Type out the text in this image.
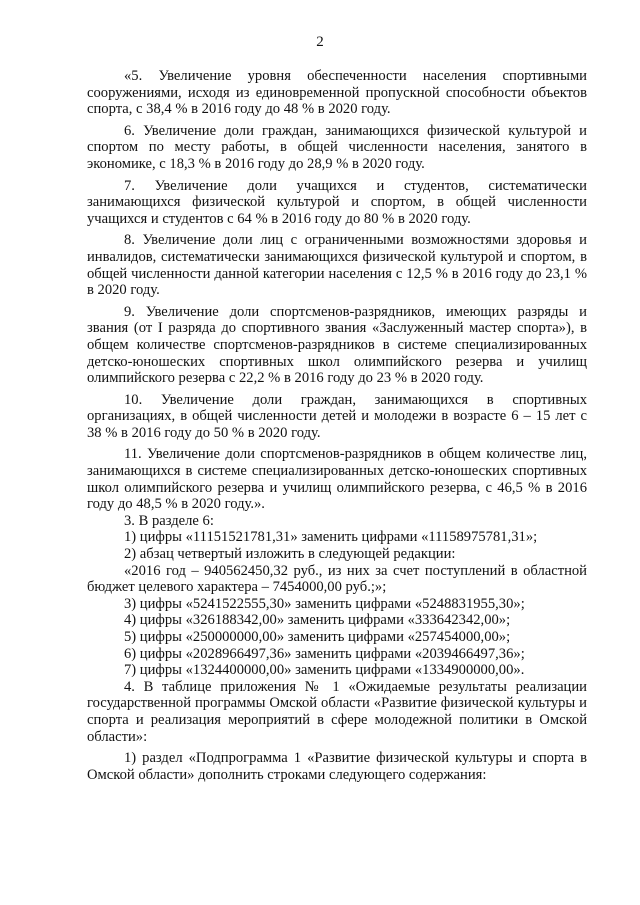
2

«5. Увеличение уровня обеспеченности населения спортивными сооружениями, исходя из единовременной пропускной способности объектов спорта, с 38,4 % в 2016 году до 48 % в 2020 году.

6. Увеличение доли граждан, занимающихся физической культурой и спортом по месту работы, в общей численности населения, занятого в экономике, с 18,3 % в 2016 году до 28,9 % в 2020 году.

7. Увеличение доли учащихся и студентов, систематически занимающихся физической культурой и спортом, в общей численности учащихся и студентов с 64 % в 2016 году до 80 % в 2020 году.

8. Увеличение доли лиц с ограниченными возможностями здоровья и инвалидов, систематически занимающихся физической культурой и спортом, в общей численности данной категории населения с 12,5 % в 2016 году до 23,1 % в 2020 году.

9. Увеличение доли спортсменов-разрядников, имеющих разряды и звания (от I разряда до спортивного звания «Заслуженный мастер спорта»), в общем количестве спортсменов-разрядников в системе специализированных детско-юношеских спортивных школ олимпийского резерва и училищ олимпийского резерва с 22,2 % в 2016 году до 23 % в 2020 году.

10. Увеличение доли граждан, занимающихся в спортивных организациях, в общей численности детей и молодежи в возрасте 6 – 15 лет с 38 % в 2016 году до 50 % в 2020 году.

11. Увеличение доли спортсменов-разрядников в общем количестве лиц, занимающихся в системе специализированных детско-юношеских спортивных школ олимпийского резерва и училищ олимпийского резерва, с 46,5 % в 2016 году до 48,5 % в 2020 году.».

3. В разделе 6:

1) цифры «11151521781,31» заменить цифрами «11158975781,31»;

2) абзац четвертый изложить в следующей редакции:

«2016 год – 940562450,32 руб., из них за счет поступлений в областной бюджет целевого характера – 7454000,00 руб.;»;

3) цифры «5241522555,30» заменить цифрами «5248831955,30»;

4) цифры «326188342,00» заменить цифрами «333642342,00»;

5) цифры «250000000,00» заменить цифрами «257454000,00»;

6) цифры «2028966497,36» заменить цифрами «2039466497,36»;

7) цифры «1324400000,00» заменить цифрами «1334900000,00».

4. В таблице приложения № 1 «Ожидаемые результаты реализации государственной программы Омской области «Развитие физической культуры и спорта и реализация мероприятий в сфере молодежной политики в Омской области»:

1) раздел «Подпрограмма 1 «Развитие физической культуры и спорта в Омской области» дополнить строками следующего содержания:
